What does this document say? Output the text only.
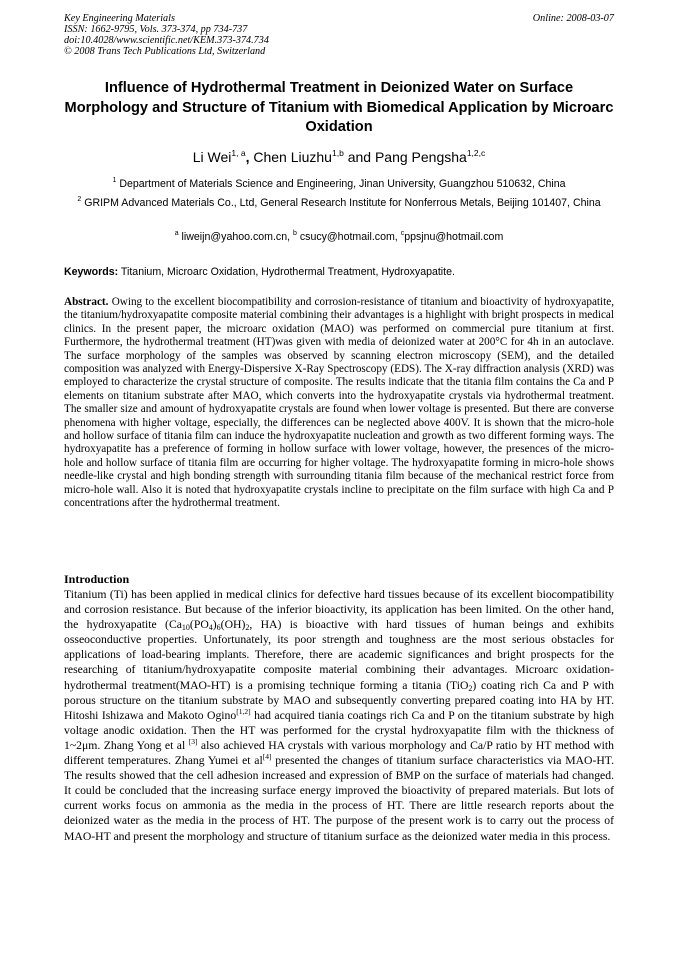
Key Engineering Materials	Online: 2008-03-07
ISSN: 1662-9795, Vols. 373-374, pp 734-737
doi:10.4028/www.scientific.net/KEM.373-374.734
© 2008 Trans Tech Publications Ltd, Switzerland
Influence of Hydrothermal Treatment in Deionized Water on Surface Morphology and Structure of Titanium with Biomedical Application by Microarc Oxidation
Li Wei$^{1, a}$, Chen Liuzhu$^{1,b}$ and Pang Pengsha$^{1,2,c}$
$^1$ Department of Materials Science and Engineering, Jinan University, Guangzhou 510632, China
$^2$ GRIPM Advanced Materials Co., Ltd, General Research Institute for Nonferrous Metals, Beijing 101407, China
$^a$ liweijn@yahoo.com.cn, $^b$ csucy@hotmail.com, $^c$ppsjnu@hotmail.com
Keywords: Titanium, Microarc Oxidation, Hydrothermal Treatment, Hydroxyapatite.
Abstract. Owing to the excellent biocompatibility and corrosion-resistance of titanium and bioactivity of hydroxyapatite, the titanium/hydroxyapatite composite material combining their advantages is a highlight with bright prospects in medical clinics. In the present paper, the microarc oxidation (MAO) was performed on commercial pure titanium at first. Furthermore, the hydrothermal treatment (HT)was given with media of deionized water at 200°C for 4h in an autoclave. The surface morphology of the samples was observed by scanning electron microscopy (SEM), and the detailed composition was analyzed with Energy-Dispersive X-Ray Spectroscopy (EDS). The X-ray diffraction analysis (XRD) was employed to characterize the crystal structure of composite. The results indicate that the titania film contains the Ca and P elements on titanium substrate after MAO, which converts into the hydroxyapatite crystals via hydrothermal treatment. The smaller size and amount of hydroxyapatite crystals are found when lower voltage is presented. But there are converse phenomena with higher voltage, especially, the differences can be neglected above 400V. It is shown that the micro-hole and hollow surface of titania film can induce the hydroxyapatite nucleation and growth as two different forming ways. The hydroxyapatite has a preference of forming in hollow surface with lower voltage, however, the presences of the micro-hole and hollow surface of titania film are occurring for higher voltage. The hydroxyapatite forming in micro-hole shows needle-like crystal and high bonding strength with surrounding titania film because of the mechanical restrict force from micro-hole wall. Also it is noted that hydroxyapatite crystals incline to precipitate on the film surface with high Ca and P concentrations after the hydrothermal treatment.
Introduction
Titanium (Ti) has been applied in medical clinics for defective hard tissues because of its excellent biocompatibility and corrosion resistance. But because of the inferior bioactivity, its application has been limited. On the other hand, the hydroxyapatite ($Ca_{10}(PO_4)_6(OH)_2$, HA) is bioactive with hard tissues of human beings and exhibits osseoconductive properties. Unfortunately, its poor strength and toughness are the most serious obstacles for applications of load-bearing implants. Therefore, there are academic significances and bright prospects for the researching of titanium/hydroxyapatite composite material combining their advantages. Microarc oxidation-hydrothermal treatment(MAO-HT) is a promising technique forming a titania (TiO$_2$) coating rich Ca and P with porous structure on the titanium substrate by MAO and subsequently converting prepared coating into HA by HT. Hitoshi Ishizawa and Makoto Ogino[1,2] had acquired tiania coatings rich Ca and P on the titanium substrate by high voltage anodic oxidation. Then the HT was performed for the crystal hydroxyapatite film with the thickness of 1~2μm. Zhang Yong et al [3] also achieved HA crystals with various morphology and Ca/P ratio by HT method with different temperatures. Zhang Yumei et al[4] presented the changes of titanium surface characteristics via MAO-HT. The results showed that the cell adhesion increased and expression of BMP on the surface of materials had changed. It could be concluded that the increasing surface energy improved the bioactivity of prepared materials. But lots of current works focus on ammonia as the media in the process of HT. There are little research reports about the deionized water as the media in the process of HT. The purpose of the present work is to carry out the process of MAO-HT and present the morphology and structure of titanium surface as the deionized water media in this process.
